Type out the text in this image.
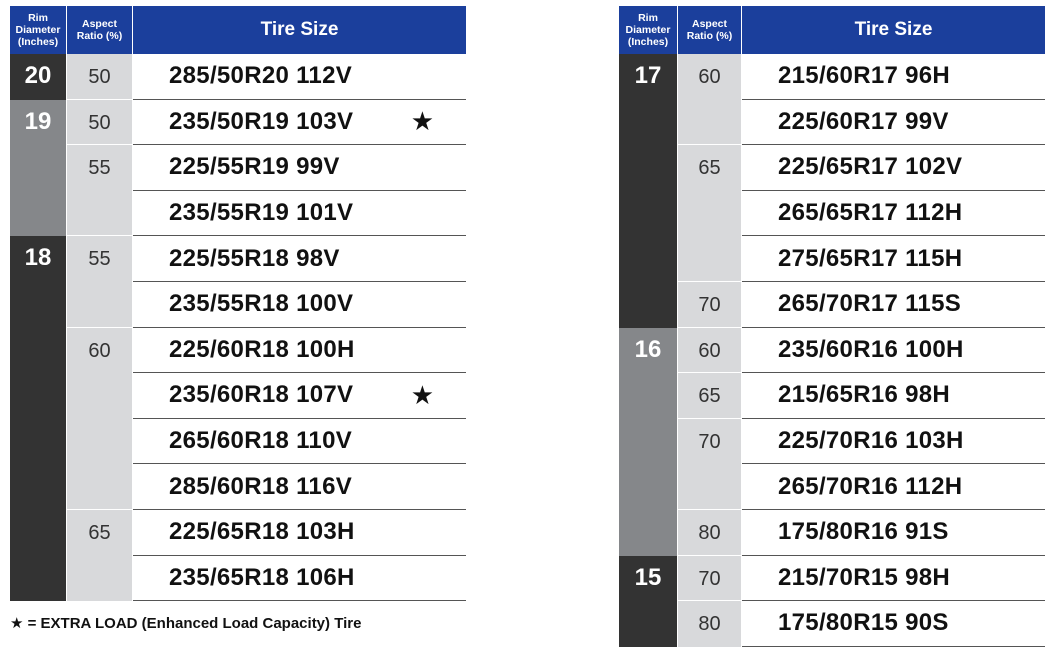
Rim Diameter (Inches)
Aspect Ratio (%)	Tire Size
20
19
18
50
50
55
55
60
65
285/50R20 112V
235/50R19 103V ★
225/55R19 99V
235/55R19 101V
225/55R18 98V
235/55R18 100V
225/60R18 100H
235/60R18 107V ★
265/60R18 110V
285/60R18 116V
225/65R18 103H
235/65R18 106H
Rim Diameter (Inches)
Aspect Ratio (%)	Tire Size
17
16
15
60
65
70
60
65
70
80
70
80
215/60R17 96H
225/60R17 99V
225/65R17 102V
265/65R17 112H
275/65R17 115H
265/70R17 115S
235/60R16 100H
215/65R16 98H
225/70R16 103H
265/70R16 112H
175/80R16 91S
215/70R15 98H
175/80R15 90S
★ = EXTRA LOAD (Enhanced Load Capacity) Tire
